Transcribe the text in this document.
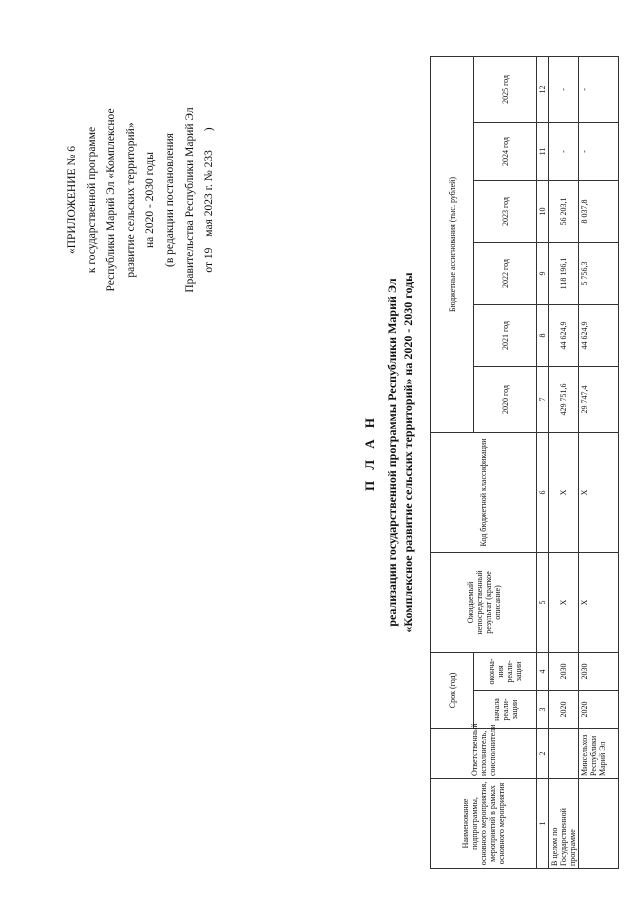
«ПРИЛОЖЕНИЕ № 6 к государственной программе Республики Марий Эл «Комплексное развитие сельских территорий» на 2020 - 2030 годы (в редакции постановления Правительства Республики Марий Эл от 19 мая 2023 г. № 233 )
П Л А Н реализации государственной программы Республики Марий Эл «Комплексное развитие сельских территорий» на 2020 - 2030 годы
Наименование подпрограммы, основного мероприятия, мероприятий в рамках основного мероприятия	Ответственный исполнитель, соисполнители	Срок (год)		Ожидаемый непосредственный результат (краткое описание)	Код бюджетной классификации	Бюджетные ассигнования (тыс. рублей)					
		начала реали-зации	оконча-ния реали-зации			2020 год	2021 год	2022 год	2023 год	2024 год	2025 год

1	2	3	4	5	6	7	8	9	10	11	12
В целом по Государственной программе		2020	2030	Х	Х	429 751,6	44 624,9	118 196,1	56 203,1	-	-
	Минсельхоз Республики Марий Эл	2020	2030	Х	Х	29 747,4	44 624,9	5 756,3	8 037,8	-	-
